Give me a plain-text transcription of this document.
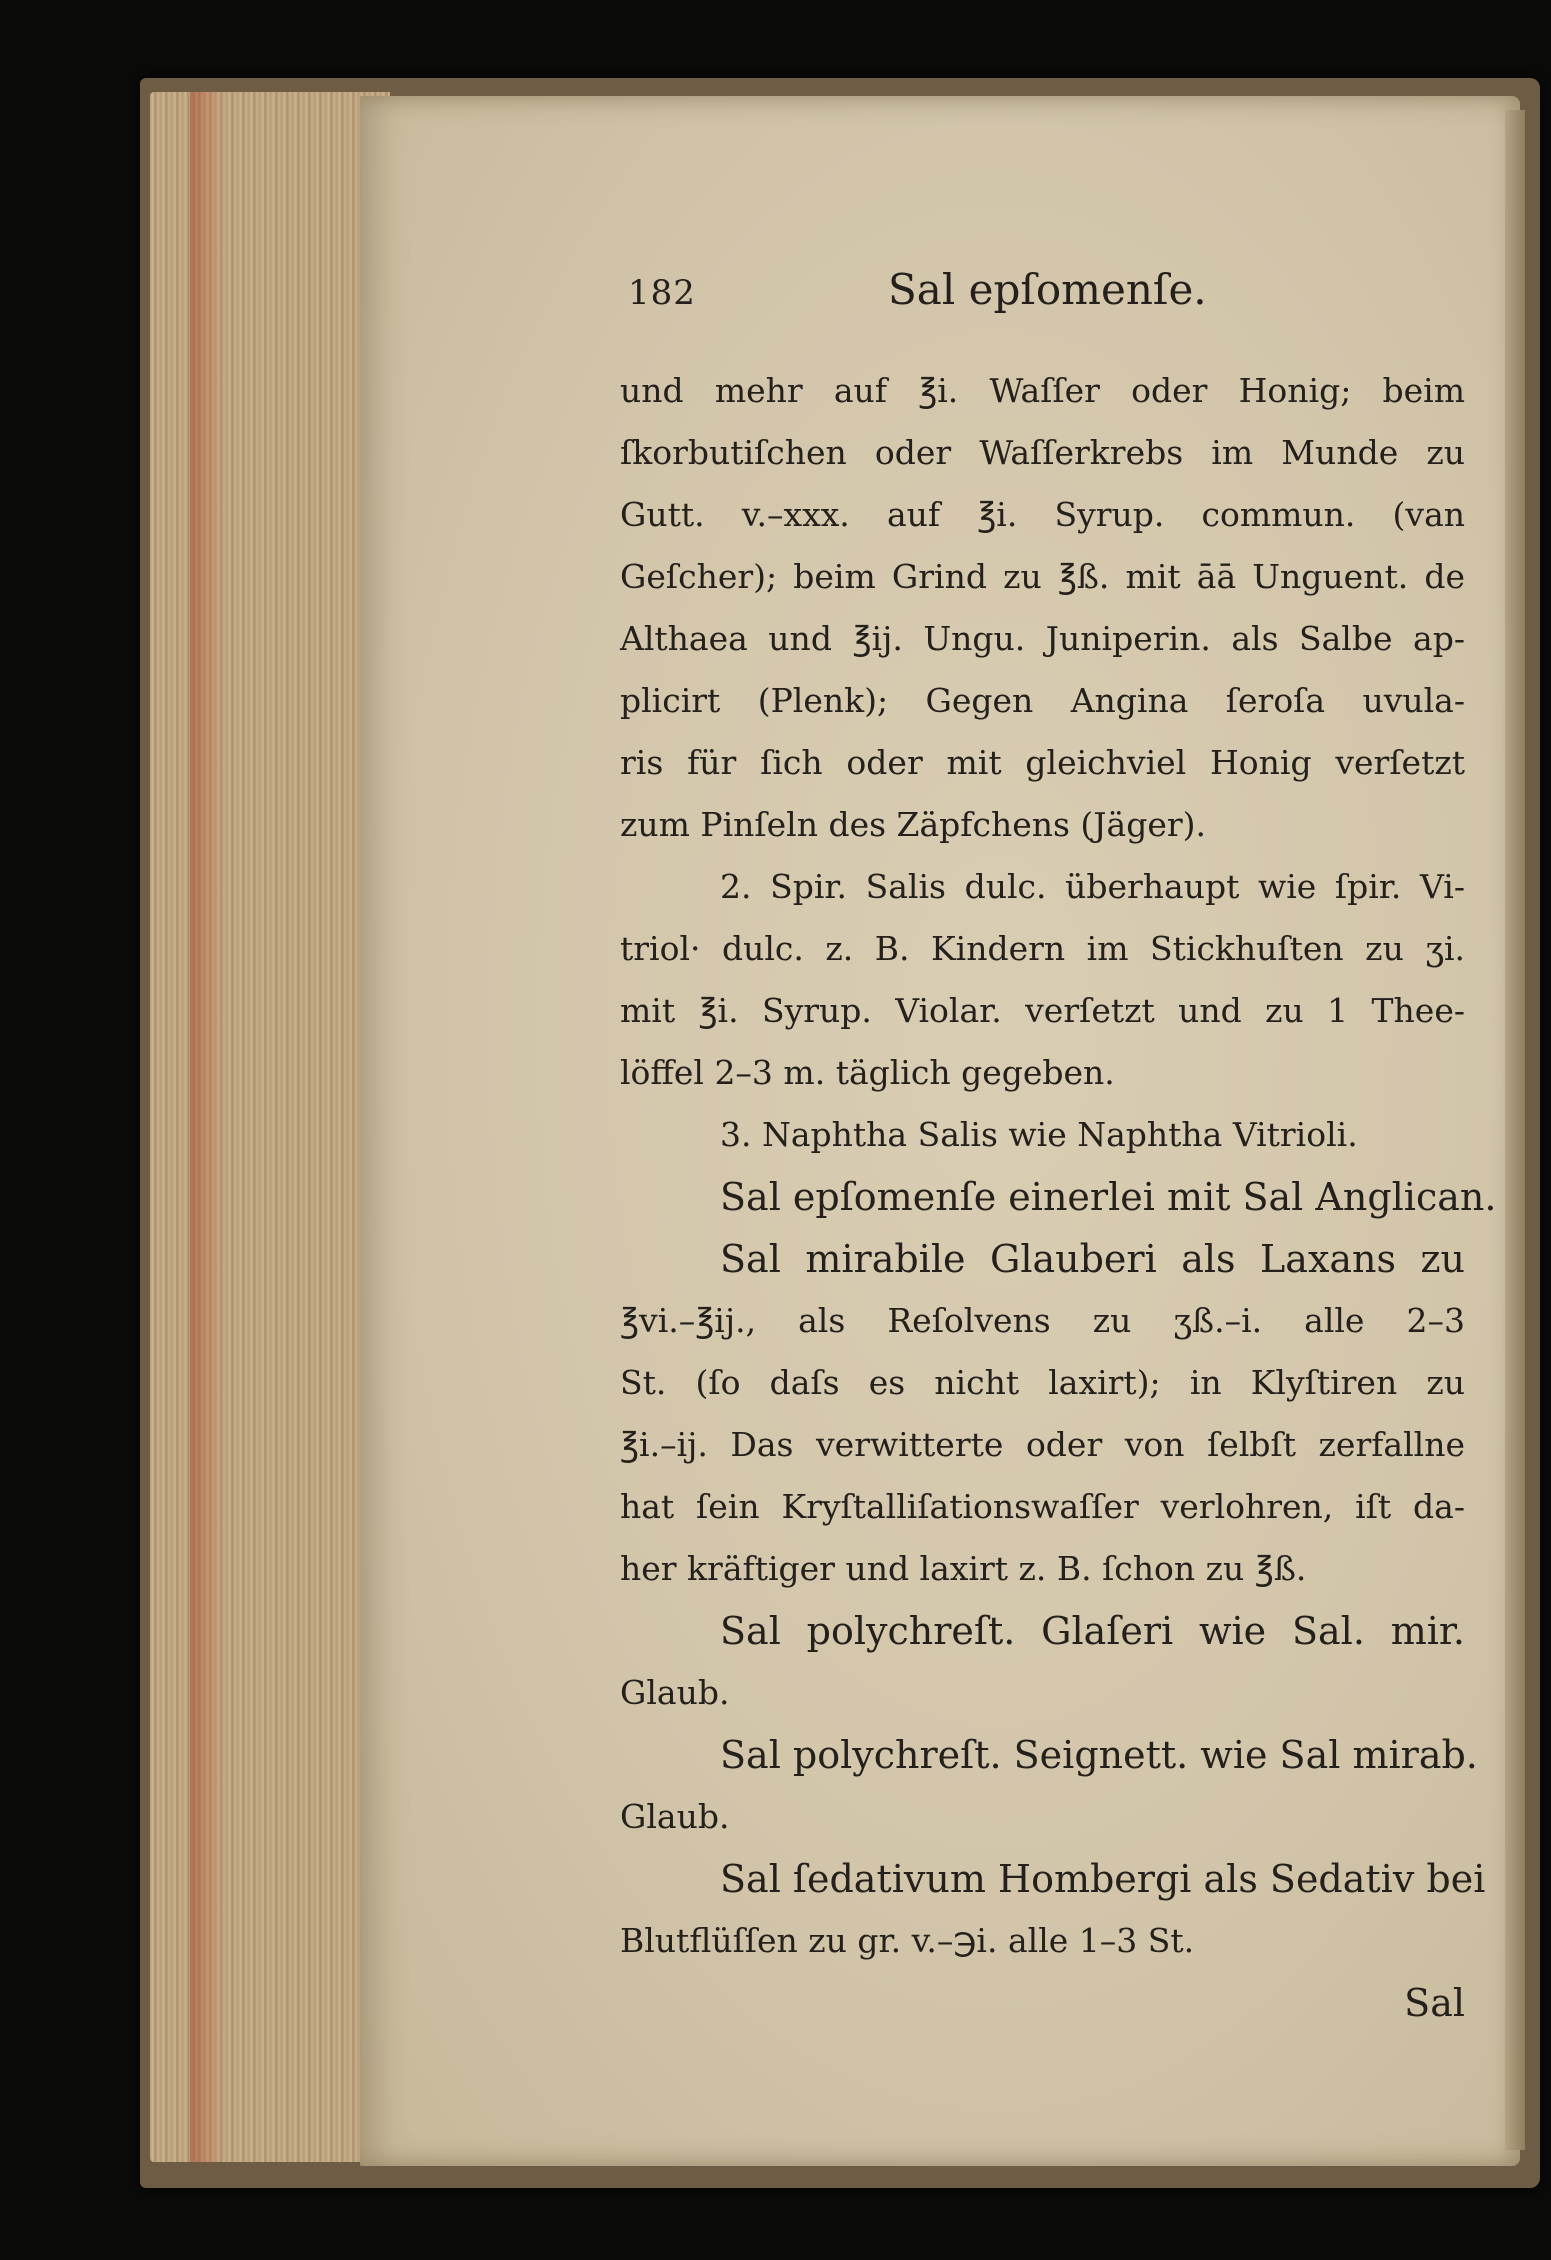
182	Sal epſomenſe.
und mehr auf ℥i. Waſſer oder Honig; beim
ſkorbutiſchen oder Waſſerkrebs im Munde zu
Gutt. v.–xxx. auf ℥i. Syrup. commun. (van
Geſcher); beim Grind zu ℥ß. mit āā Unguent. de
Althaea und ℥ij. Ungu. Juniperin. als Salbe ap-
plicirt (Plenk); Gegen Angina ſeroſa uvula-
ris für ſich oder mit gleichviel Honig verſetzt
zum Pinſeln des Zäpfchens (Jäger).
2. Spir. Salis dulc. überhaupt wie ſpir. Vi-
triol· dulc. z. B. Kindern im Stickhuſten zu ʒi.
mit ℥i. Syrup. Violar. verſetzt und zu 1 Thee-
löffel 2–3 m. täglich gegeben.
3. Naphtha Salis wie Naphtha Vitrioli.
Sal epſomenſe einerlei mit Sal Anglican.
Sal mirabile Glauberi als Laxans zu
℥vi.–℥ij., als Reſolvens zu ʒß.–i. alle 2–3
St. (ſo daſs es nicht laxirt); in Klyſtiren zu
℥i.–ij. Das verwitterte oder von ſelbſt zerfallne
hat ſein Kryſtalliſationswaſſer verlohren, iſt da-
her kräftiger und laxirt z. B. ſchon zu ℥ß.
Sal polychreſt. Glaſeri wie Sal. mir.
Glaub.
Sal polychreſt. Seignett. wie Sal mirab.
Glaub.
Sal ſedativum Hombergi als Sedativ bei
Blutflüſſen zu gr. v.–℈i. alle 1–3 St.
Sal
